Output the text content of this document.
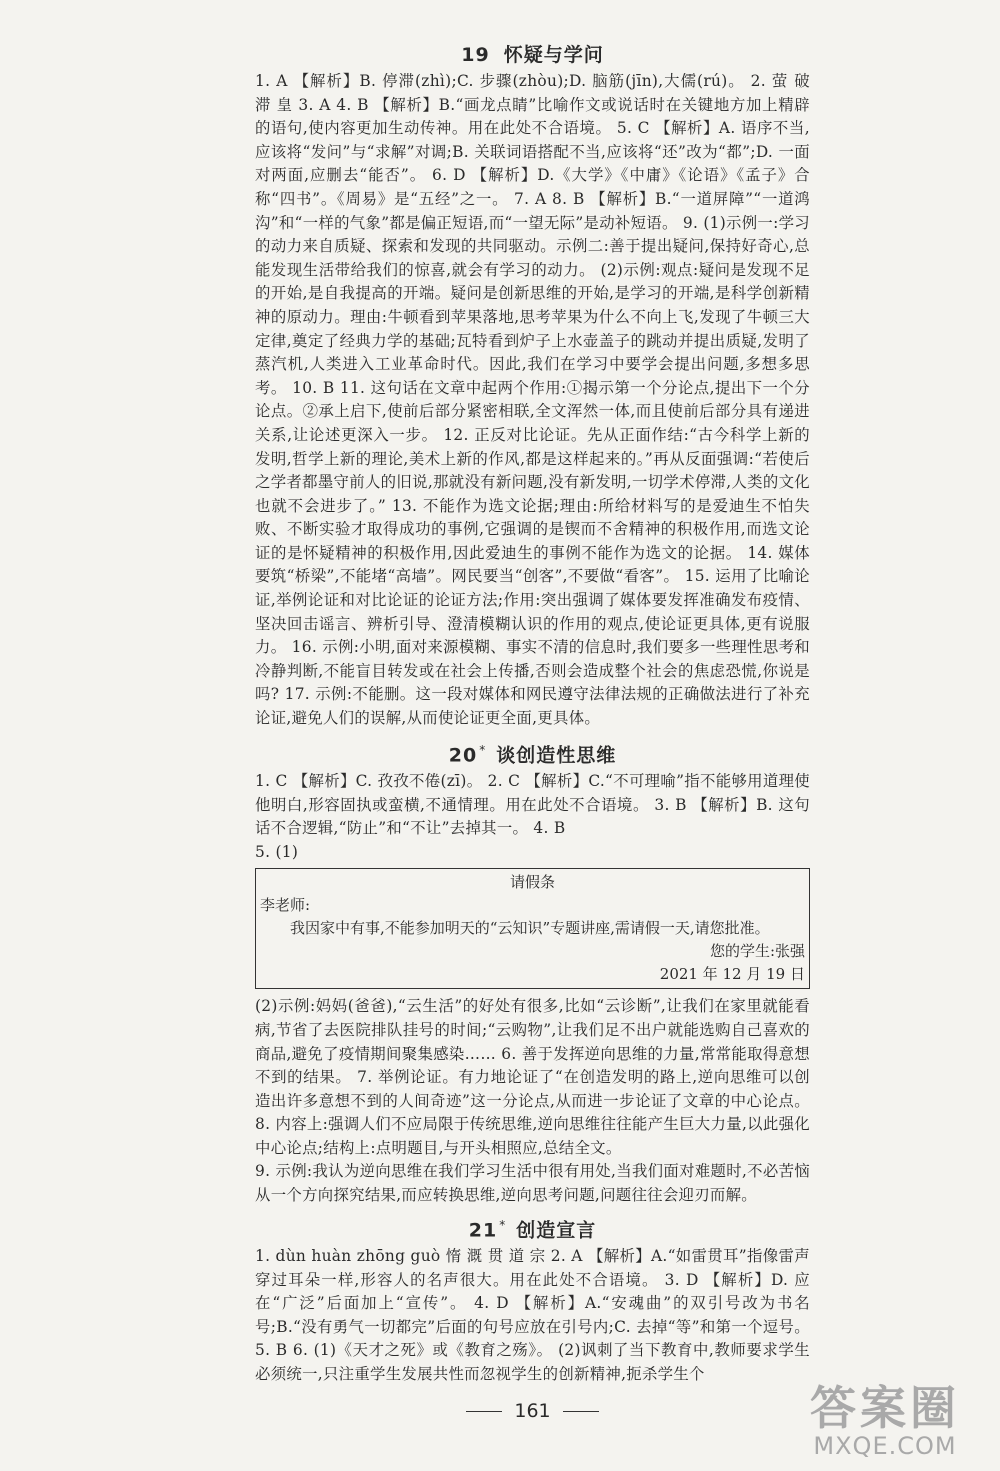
19 怀疑与学问

1. A 【解析】B. 停滞(zhì);C. 步骤(zhòu);D. 脑筋(jīn),大儒(rú)。 2. 萤 破 滞 皇 3. A 4. B 【解析】B.“画龙点睛”比喻作文或说话时在关键地方加上精辟的语句,使内容更加生动传神。用在此处不合语境。 5. C 【解析】A. 语序不当,应该将“发问”与“求解”对调;B. 关联词语搭配不当,应该将“还”改为“都”;D. 一面对两面,应删去“能否”。 6. D 【解析】D.《大学》《中庸》《论语》《孟子》合称“四书”。《周易》是“五经”之一。 7. A 8. B 【解析】B.“一道屏障”“一道鸿沟”和“一样的气象”都是偏正短语,而“一望无际”是动补短语。 9. (1)示例一:学习的动力来自质疑、探索和发现的共同驱动。示例二:善于提出疑问,保持好奇心,总能发现生活带给我们的惊喜,就会有学习的动力。 (2)示例:观点:疑问是发现不足的开始,是自我提高的开端。疑问是创新思维的开始,是学习的开端,是科学创新精神的原动力。理由:牛顿看到苹果落地,思考苹果为什么不向上飞,发现了牛顿三大定律,奠定了经典力学的基础;瓦特看到炉子上水壶盖子的跳动并提出质疑,发明了蒸汽机,人类进入工业革命时代。因此,我们在学习中要学会提出问题,多想多思考。 10. B 11. 这句话在文章中起两个作用:①揭示第一个分论点,提出下一个分论点。②承上启下,使前后部分紧密相联,全文浑然一体,而且使前后部分具有递进关系,让论述更深入一步。 12. 正反对比论证。先从正面作结:“古今科学上新的发明,哲学上新的理论,美术上新的作风,都是这样起来的。”再从反面强调:“若使后之学者都墨守前人的旧说,那就没有新问题,没有新发明,一切学术停滞,人类的文化也就不会进步了。” 13. 不能作为选文论据;理由:所给材料写的是爱迪生不怕失败、不断实验才取得成功的事例,它强调的是锲而不舍精神的积极作用,而选文论证的是怀疑精神的积极作用,因此爱迪生的事例不能作为选文的论据。 14. 媒体要筑“桥梁”,不能堵“高墙”。网民要当“创客”,不要做“看客”。 15. 运用了比喻论证,举例论证和对比论证的论证方法;作用:突出强调了媒体要发挥准确发布疫情、坚决回击谣言、辨析引导、澄清模糊认识的作用的观点,使论证更具体,更有说服力。 16. 示例:小明,面对来源模糊、事实不清的信息时,我们要多一些理性思考和冷静判断,不能盲目转发或在社会上传播,否则会造成整个社会的焦虑恐慌,你说是吗? 17. 示例:不能删。这一段对媒体和网民遵守法律法规的正确做法进行了补充论证,避免人们的误解,从而使论证更全面,更具体。

20 * 谈创造性思维

1. C 【解析】C. 孜孜不倦(zī)。 2. C 【解析】C.“不可理喻”指不能够用道理使他明白,形容固执或蛮横,不通情理。用在此处不合语境。 3. B 【解析】B. 这句话不合逻辑,“防止”和“不让”去掉其一。 4. B

5. (1)

请假条
李老师:
我因家中有事,不能参加明天的“云知识”专题讲座,需请假一天,请您批准。
您的学生:张强
2021 年 12 月 19 日

(2)示例:妈妈(爸爸),“云生活”的好处有很多,比如“云诊断”,让我们在家里就能看病,节省了去医院排队挂号的时间;“云购物”,让我们足不出户就能选购自己喜欢的商品,避免了疫情期间聚集感染…… 6. 善于发挥逆向思维的力量,常常能取得意想不到的结果。 7. 举例论证。有力地论证了“在创造发明的路上,逆向思维可以创造出许多意想不到的人间奇迹”这一分论点,从而进一步论证了文章的中心论点。 8. 内容上:强调人们不应局限于传统思维,逆向思维往往能产生巨大力量,以此强化中心论点;结构上:点明题目,与开头相照应,总结全文。

9. 示例:我认为逆向思维在我们学习生活中很有用处,当我们面对难题时,不必苦恼从一个方向探究结果,而应转换思维,逆向思考问题,问题往往会迎刃而解。

21 * 创造宣言

1. dùn huàn zhōng guò 惰 溉 贯 道 宗 2. A 【解析】A.“如雷贯耳”指像雷声穿过耳朵一样,形容人的名声很大。用在此处不合语境。 3. D 【解析】D. 应在“广泛”后面加上“宣传”。 4. D 【解析】A.“安魂曲”的双引号改为书名号;B.“没有勇气一切都完”后面的句号应放在引号内;C. 去掉“等”和第一个逗号。 5. B 6. (1)《天才之死》或《教育之殇》。 (2)讽刺了当下教育中,教师要求学生必须统一,只注重学生发展共性而忽视学生的创新精神,扼杀学生个

161	答案圈
MXQE.COM
